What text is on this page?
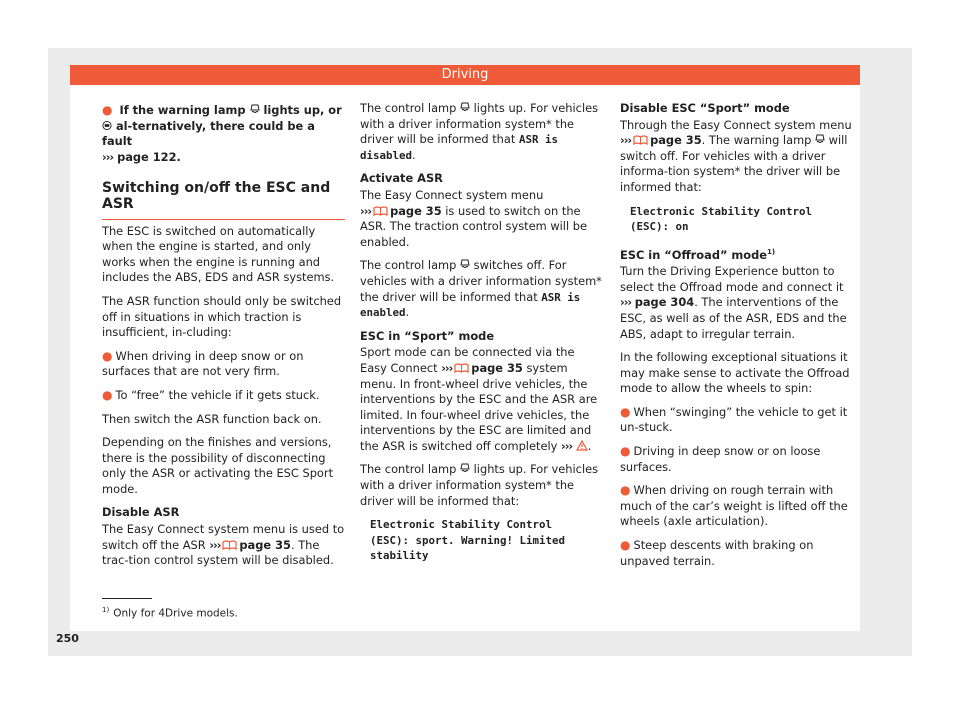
Driving

● If the warning lamp lights up, or  al-ternatively, there could be a fault
››› page 122.

Switching on/off the ESC and ASR

The ESC is switched on automatically when the engine is started, and only works when the engine is running and includes the ABS, EDS and ASR systems.

The ASR function should only be switched off in situations in which traction is insufficient, in-cluding:

● When driving in deep snow or on surfaces that are not very firm.

● To “free” the vehicle if it gets stuck.

Then switch the ASR function back on.

Depending on the finishes and versions, there is the possibility of disconnecting only the ASR or activating the ESC Sport mode.

Disable ASR

The Easy Connect system menu is used to switch off the ASR ››› page 35. The trac-tion control system will be disabled.

The control lamp lights up. For vehicles with a driver information system* the driver will be informed that ASR is disabled.

Activate ASR

The Easy Connect system menu
››› page 35 is used to switch on the ASR. The traction control system will be enabled.

The control lamp switches off. For vehicles with a driver information system* the driver will be informed that ASR is enabled.

ESC in “Sport” mode

Sport mode can be connected via the Easy Connect ››› page 35 system menu. In front-wheel drive vehicles, the interventions by the ESC and the ASR are limited. In four-wheel drive vehicles, the interventions by the ESC are limited and the ASR is switched off completely ››› .

The control lamp lights up. For vehicles with a driver information system* the driver will be informed that:

Electronic Stability Control
(ESC): sport. Warning! Limited
stability

Disable ESC “Sport” mode

Through the Easy Connect system menu
››› page 35. The warning lamp will switch off. For vehicles with a driver informa-tion system* the driver will be informed that:

Electronic Stability Control
(ESC): on

ESC in “Offroad” mode$^{1)}$

Turn the Driving Experience button to select the Offroad mode and connect it
››› page 304. The interventions of the ESC, as well as of the ASR, EDS and the ABS, adapt to irregular terrain.

In the following exceptional situations it may make sense to activate the Offroad mode to allow the wheels to spin:

● When “swinging” the vehicle to get it un-stuck.

● Driving in deep snow or on loose surfaces.

● When driving on rough terrain with much of the car’s weight is lifted off the wheels (axle articulation).

● Steep descents with braking on unpaved terrain.

$^{1)}$ Only for 4Drive models.
250
